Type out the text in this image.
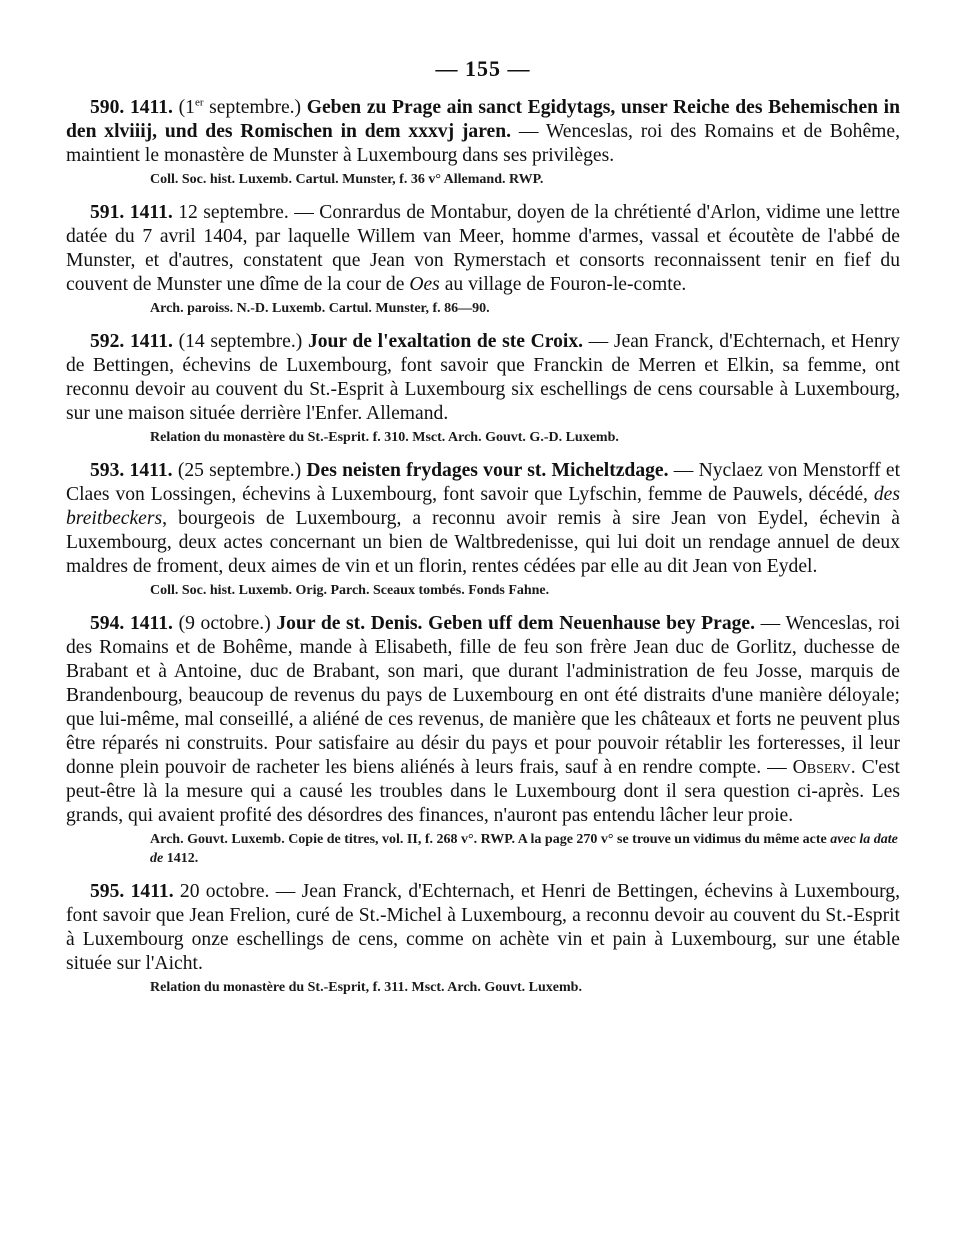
— 155 —
590. 1411. (1er septembre.) Geben zu Prage ain sanct Egidytags, unser Reiche des Behemischen in den xlviiij, und des Romischen in dem xxxvj jaren. — Wenceslas, roi des Romains et de Bohême, maintient le monastère de Munster à Luxembourg dans ses privilèges.
Coll. Soc. hist. Luxemb. Cartul. Munster, f. 36 v° Allemand. RWP.
591. 1411. 12 septembre. — Conrardus de Montabur, doyen de la chrétienté d'Arlon, vidime une lettre datée du 7 avril 1404, par laquelle Willem van Meer, homme d'armes, vassal et écoutète de l'abbé de Munster, et d'autres, constatent que Jean von Rymerstach et consorts reconnaissent tenir en fief du couvent de Munster une dîme de la cour de Oes au village de Fouron-le-comte.
Arch. paroiss. N.-D. Luxemb. Cartul. Munster, f. 86—90.
592. 1411. (14 septembre.) Jour de l'exaltation de ste Croix. — Jean Franck, d'Echternach, et Henry de Bettingen, échevins de Luxembourg, font savoir que Franckin de Merren et Elkin, sa femme, ont reconnu devoir au couvent du St.-Esprit à Luxembourg six eschellings de cens coursable à Luxembourg, sur une maison située derrière l'Enfer. Allemand.
Relation du monastère du St.-Esprit. f. 310. Msct. Arch. Gouvt. G.-D. Luxemb.
593. 1411. (25 septembre.) Des neisten frydages vour st. Micheltzdage. — Nyclaez von Menstorff et Claes von Lossingen, échevins à Luxembourg, font savoir que Lyfschin, femme de Pauwels, décédé, des breitbeckers, bourgeois de Luxembourg, a reconnu avoir remis à sire Jean von Eydel, échevin à Luxembourg, deux actes concernant un bien de Waltbredenisse, qui lui doit un rendage annuel de deux maldres de froment, deux aimes de vin et un florin, rentes cédées par elle au dit Jean von Eydel.
Coll. Soc. hist. Luxemb. Orig. Parch. Sceaux tombés. Fonds Fahne.
594. 1411. (9 octobre.) Jour de st. Denis. Geben uff dem Neuenhause bey Prage. — Wenceslas, roi des Romains et de Bohême, mande à Elisabeth, fille de feu son frère Jean duc de Gorlitz, duchesse de Brabant et à Antoine, duc de Brabant, son mari, que durant l'administration de feu Josse, marquis de Brandenbourg, beaucoup de revenus du pays de Luxembourg en ont été distraits d'une manière déloyale; que lui-même, mal conseillé, a aliéné de ces revenus, de manière que les châteaux et forts ne peuvent plus être réparés ni construits. Pour satisfaire au désir du pays et pour pouvoir rétablir les forteresses, il leur donne plein pouvoir de racheter les biens aliénés à leurs frais, sauf à en rendre compte. — Observ. C'est peut-être là la mesure qui a causé les troubles dans le Luxembourg dont il sera question ci-après. Les grands, qui avaient profité des désordres des finances, n'auront pas entendu lâcher leur proie.
Arch. Gouvt. Luxemb. Copie de titres, vol. II, f. 268 v°. RWP. A la page 270 v° se trouve un vidimus du même acte avec la date de 1412.
595. 1411. 20 octobre. — Jean Franck, d'Echternach, et Henri de Bettingen, échevins à Luxembourg, font savoir que Jean Frelion, curé de St.-Michel à Luxembourg, a reconnu devoir au couvent du St.-Esprit à Luxembourg onze eschellings de cens, comme on achète vin et pain à Luxembourg, sur une étable située sur l'Aicht.
Relation du monastère du St.-Esprit, f. 311. Msct. Arch. Gouvt. Luxemb.
